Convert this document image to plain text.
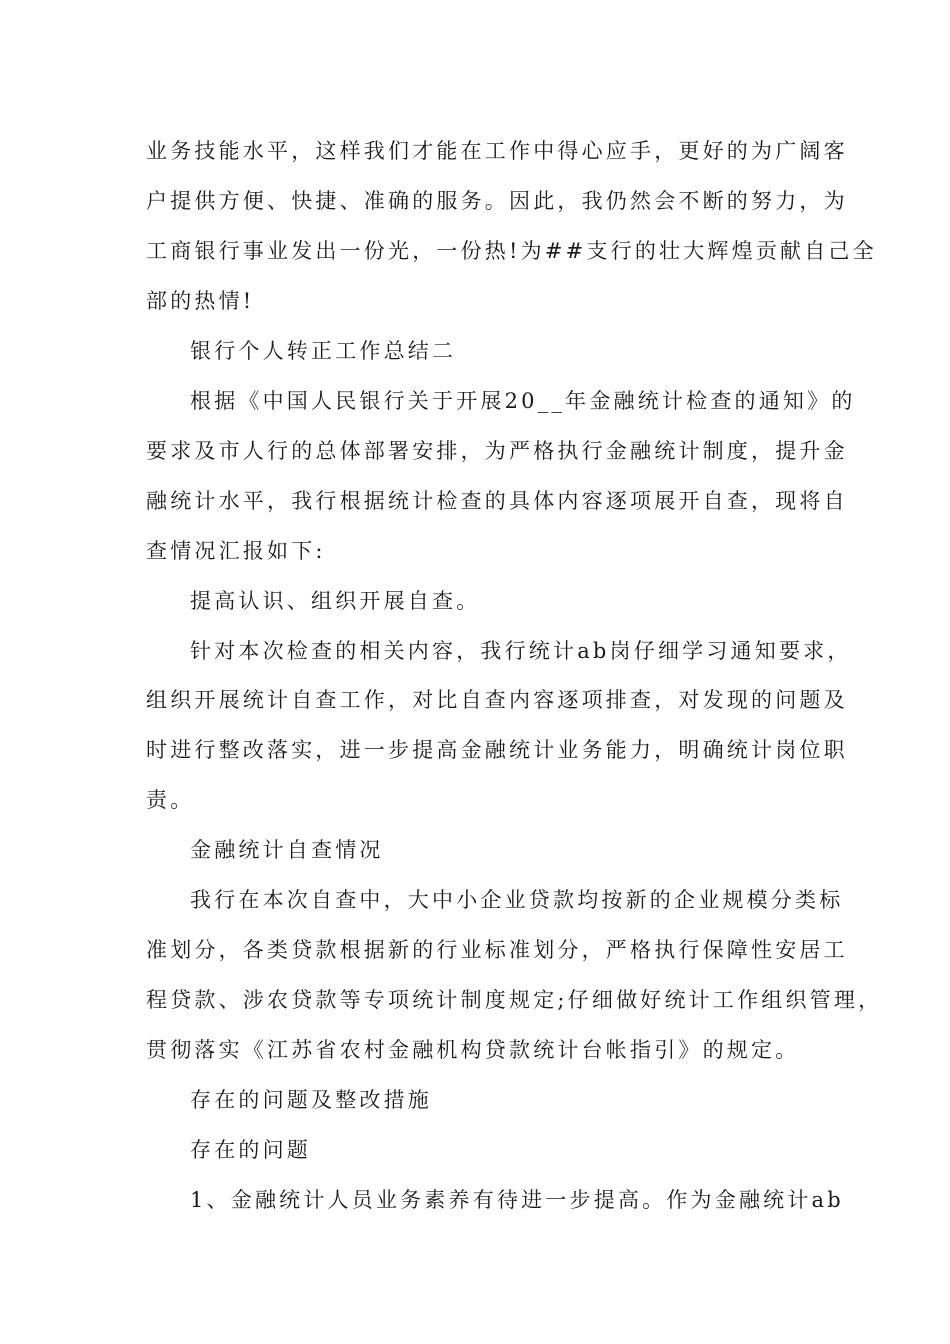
业务技能水平，这样我们才能在工作中得心应手，更好的为广阔客
户提供方便、快捷、准确的服务。因此，我仍然会不断的努力，为
工商银行事业发出一份光，一份热!为##支行的壮大辉煌贡献自己全
部的热情!
银行个人转正工作总结二
根据《中国人民银行关于开展20__年金融统计检查的通知》的
要求及市人行的总体部署安排，为严格执行金融统计制度，提升金
融统计水平，我行根据统计检查的具体内容逐项展开自查，现将自
查情况汇报如下:
提高认识、组织开展自查。
针对本次检查的相关内容，我行统计ab岗仔细学习通知要求，
组织开展统计自查工作，对比自查内容逐项排查，对发现的问题及
时进行整改落实，进一步提高金融统计业务能力，明确统计岗位职
责。
金融统计自查情况
我行在本次自查中，大中小企业贷款均按新的企业规模分类标
准划分，各类贷款根据新的行业标准划分，严格执行保障性安居工
程贷款、涉农贷款等专项统计制度规定;仔细做好统计工作组织管理，
贯彻落实《江苏省农村金融机构贷款统计台帐指引》的规定。
存在的问题及整改措施
存在的问题
1、金融统计人员业务素养有待进一步提高。作为金融统计ab
